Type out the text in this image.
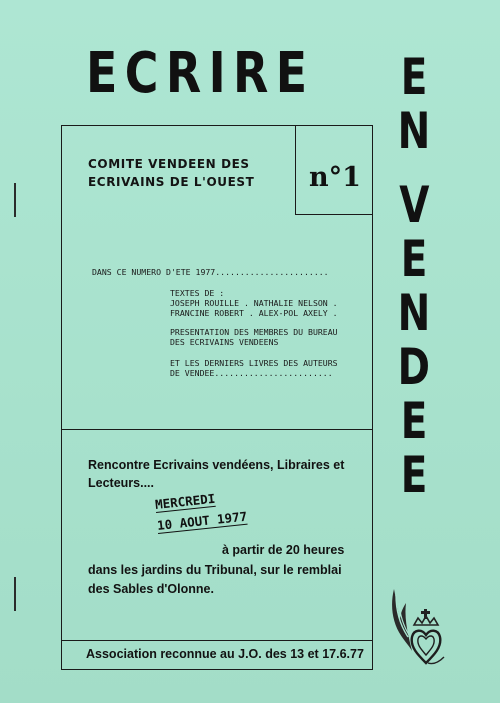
ECRIRE E
N
V
E
N
D
E
E
n°1
COMITE VENDEEN DES
ECRIVAINS DE L'OUEST
DANS CE NUMERO D'ETE 1977.......................
TEXTES DE :
JOSEPH ROUILLE . NATHALIE NELSON .
FRANCINE ROBERT . ALEX-POL AXELY .
PRESENTATION DES MEMBRES DU BUREAU
DES ECRIVAINS VENDEENS
ET LES DERNIERS LIVRES DES AUTEURS
DE VENDEE........................
Rencontre Ecrivains vendéens, Libraires et
Lecteurs....
MERCREDI
10 AOUT 1977
à partir de 20 heures
dans les jardins du Tribunal, sur le remblai
des Sables d'Olonne.
Association reconnue au J.O. des 13 et 17.6.77
